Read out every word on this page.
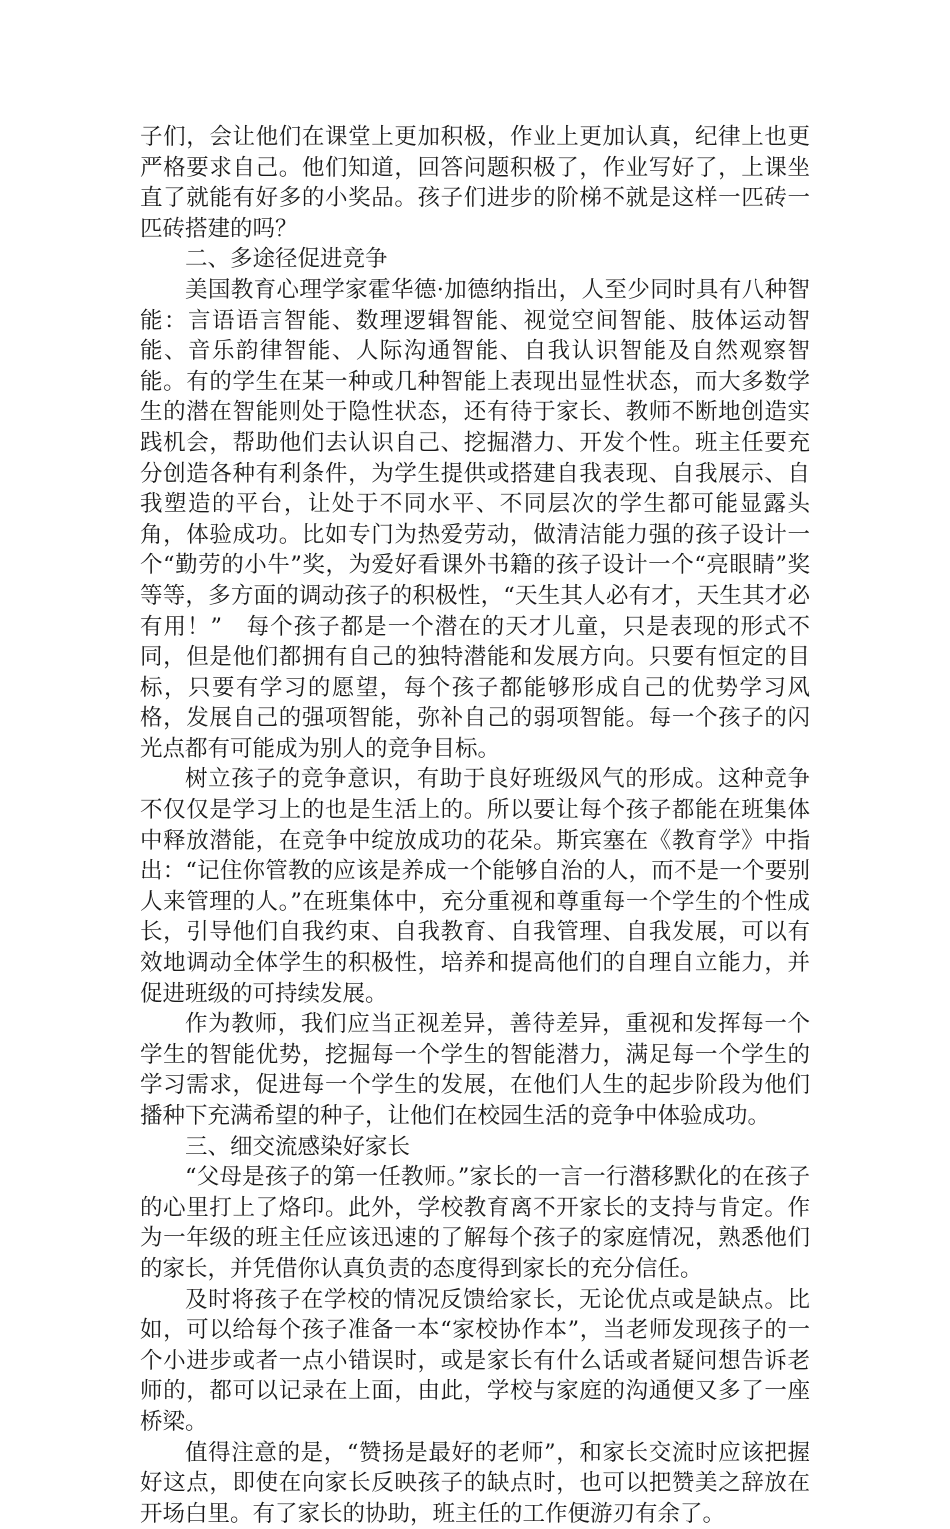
子们，会让他们在课堂上更加积极，作业上更加认真，纪律上也更严格要求自己。他们知道，回答问题积极了，作业写好了，上课坐直了就能有好多的小奖品。孩子们进步的阶梯不就是这样一匹砖一匹砖搭建的吗？

二、多途径促进竞争

美国教育心理学家霍华德·加德纳指出，人至少同时具有八种智能：言语语言智能、数理逻辑智能、视觉空间智能、肢体运动智能、音乐韵律智能、人际沟通智能、自我认识智能及自然观察智能。有的学生在某一种或几种智能上表现出显性状态，而大多数学生的潜在智能则处于隐性状态，还有待于家长、教师不断地创造实践机会，帮助他们去认识自己、挖掘潜力、开发个性。班主任要充分创造各种有利条件，为学生提供或搭建自我表现、自我展示、自我塑造的平台，让处于不同水平、不同层次的学生都可能显露头角，体验成功。比如专门为热爱劳动，做清洁能力强的孩子设计一个“勤劳的小牛”奖，为爱好看课外书籍的孩子设计一个“亮眼睛”奖等等，多方面的调动孩子的积极性，“天生其人必有才，天生其才必有用！”　每个孩子都是一个潜在的天才儿童，只是表现的形式不同，但是他们都拥有自己的独特潜能和发展方向。只要有恒定的目标，只要有学习的愿望，每个孩子都能够形成自己的优势学习风格，发展自己的强项智能，弥补自己的弱项智能。每一个孩子的闪光点都有可能成为别人的竞争目标。

树立孩子的竞争意识，有助于良好班级风气的形成。这种竞争不仅仅是学习上的也是生活上的。所以要让每个孩子都能在班集体中释放潜能，在竞争中绽放成功的花朵。斯宾塞在《教育学》中指出：“记住你管教的应该是养成一个能够自治的人，而不是一个要别人来管理的人。”在班集体中，充分重视和尊重每一个学生的个性成长，引导他们自我约束、自我教育、自我管理、自我发展，可以有效地调动全体学生的积极性，培养和提高他们的自理自立能力，并促进班级的可持续发展。

作为教师，我们应当正视差异，善待差异，重视和发挥每一个学生的智能优势，挖掘每一个学生的智能潜力，满足每一个学生的学习需求，促进每一个学生的发展，在他们人生的起步阶段为他们播种下充满希望的种子，让他们在校园生活的竞争中体验成功。

三、细交流感染好家长

“父母是孩子的第一任教师。”家长的一言一行潜移默化的在孩子的心里打上了烙印。此外，学校教育离不开家长的支持与肯定。作为一年级的班主任应该迅速的了解每个孩子的家庭情况，熟悉他们的家长，并凭借你认真负责的态度得到家长的充分信任。

及时将孩子在学校的情况反馈给家长，无论优点或是缺点。比如，可以给每个孩子准备一本“家校协作本”，当老师发现孩子的一个小进步或者一点小错误时，或是家长有什么话或者疑问想告诉老师的，都可以记录在上面，由此，学校与家庭的沟通便又多了一座桥梁。

值得注意的是，“赞扬是最好的老师”，和家长交流时应该把握好这点，即使在向家长反映孩子的缺点时，也可以把赞美之辞放在开场白里。有了家长的协助，班主任的工作便游刃有余了。
